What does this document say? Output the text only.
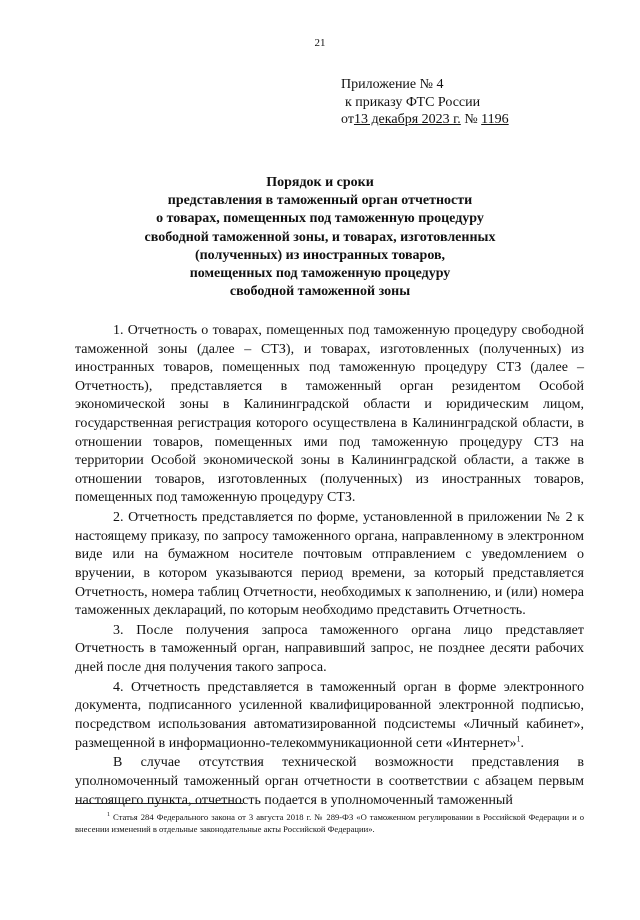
21
Приложение № 4
к приказу ФТС России
от13 декабря 2023 г. № 1196
Порядок и сроки
представления в таможенный орган отчетности
о товарах, помещенных под таможенную процедуру
свободной таможенной зоны, и товарах, изготовленных
(полученных) из иностранных товаров,
помещенных под таможенную процедуру
свободной таможенной зоны

1. Отчетность о товарах, помещенных под таможенную процедуру свободной таможенной зоны (далее – СТЗ), и товарах, изготовленных (полученных) из иностранных товаров, помещенных под таможенную процедуру СТЗ (далее – Отчетность), представляется в таможенный орган резидентом Особой экономической зоны в Калининградской области и юридическим лицом, государственная регистрация которого осуществлена в Калининградской области, в отношении товаров, помещенных ими под таможенную процедуру СТЗ на территории Особой экономической зоны в Калининградской области, а также в отношении товаров, изготовленных (полученных) из иностранных товаров, помещенных под таможенную процедуру СТЗ.

2. Отчетность представляется по форме, установленной в приложении № 2 к настоящему приказу, по запросу таможенного органа, направленному в электронном виде или на бумажном носителе почтовым отправлением с уведомлением о вручении, в котором указываются период времени, за который представляется Отчетность, номера таблиц Отчетности, необходимых к заполнению, и (или) номера таможенных деклараций, по которым необходимо представить Отчетность.

3. После получения запроса таможенного органа лицо представляет Отчетность в таможенный орган, направивший запрос, не позднее десяти рабочих дней после дня получения такого запроса.

4. Отчетность представляется в таможенный орган в форме электронного документа, подписанного усиленной квалифицированной электронной подписью, посредством использования автоматизированной подсистемы «Личный кабинет», размещенной в информационно-телекоммуникационной сети «Интернет»$^1$.

В случае отсутствия технической возможности представления в уполномоченный таможенный орган отчетности в соответствии с абзацем первым настоящего пункта, отчетность подается в уполномоченный таможенный

$^1$ Статья 284 Федерального закона от 3 августа 2018 г. № 289-ФЗ «О таможенном регулировании в Российской Федерации и о внесении изменений в отдельные законодательные акты Российской Федерации».
